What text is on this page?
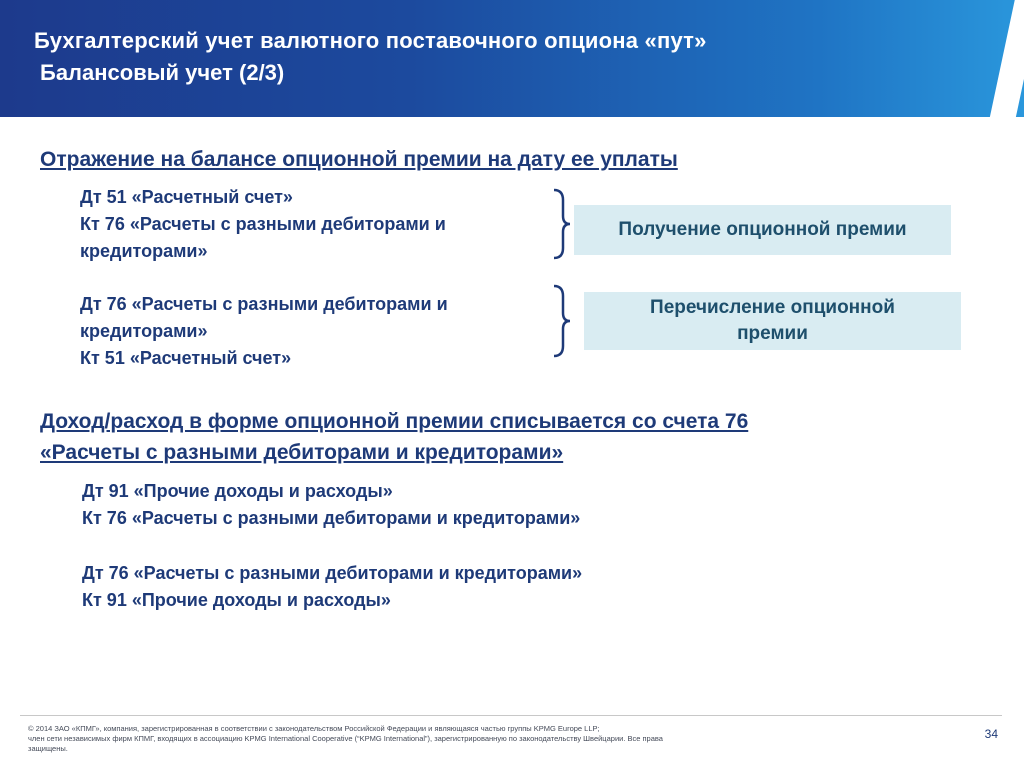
Бухгалтерский учет валютного поставочного опциона «пут»
Балансовый учет (2/3)
Отражение на балансе опционной премии на дату ее уплаты
Дт 51 «Расчетный счет»
Кт 76 «Расчеты с разными дебиторами и
кредиторами»
Получение опционной премии
Дт 76 «Расчеты с разными дебиторами и
кредиторами»
Кт 51 «Расчетный счет»
Перечисление опционной
премии
Доход/расход в форме опционной премии списывается со счета 76
«Расчеты с разными дебиторами и кредиторами»
Дт 91 «Прочие доходы и расходы»
Кт 76 «Расчеты с разными дебиторами и кредиторами»
Дт 76 «Расчеты с разными дебиторами и кредиторами»
Кт 91 «Прочие доходы и расходы»
© 2014 ЗАО «КПМГ», компания, зарегистрированная в соответствии с законодательством Российской Федерации и являющаяся частью группы KPMG Europe LLP;
член сети независимых фирм КПМГ, входящих в ассоциацию KPMG International Cooperative (“KPMG International”), зарегистрированную по законодательству Швейцарии. Все права
защищены.
34
